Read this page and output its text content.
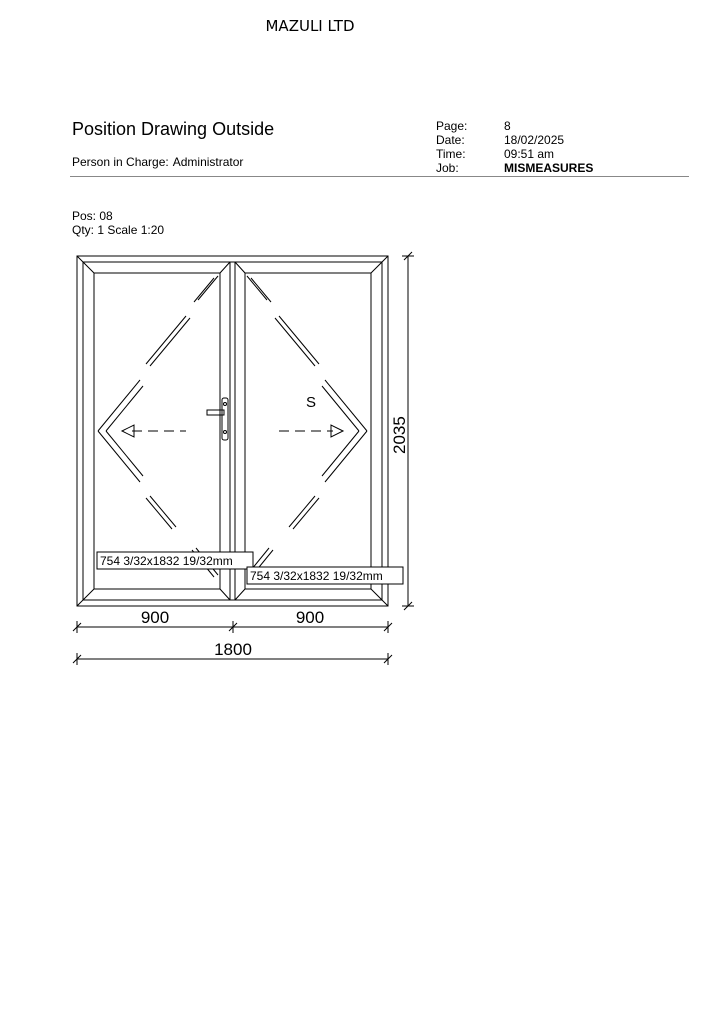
MAZULI LTD
Position Drawing Outside
Person in Charge: Administrator
Page:	8
Date:	18/02/2025
Time:	09:51 am
Job:	MISMEASURES
Pos: 08
Qty: 1 Scale 1:20
754 3/32x1832 19/32mm
754 3/32x1832 19/32mm
S
2035
900	900
1800
